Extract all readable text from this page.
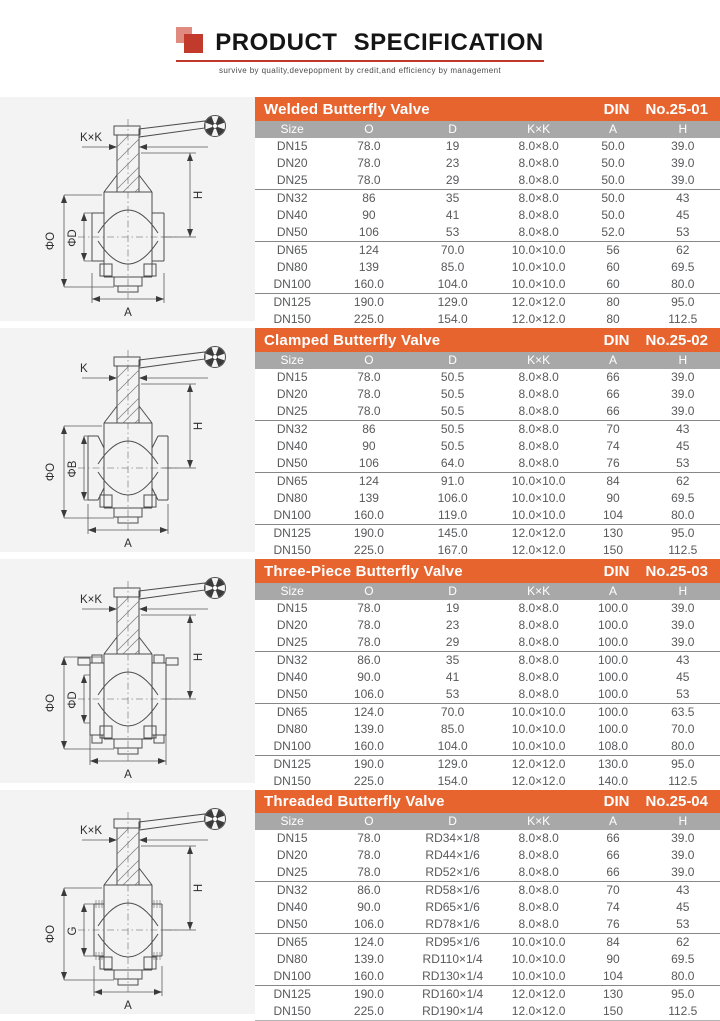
PRODUCT SPECIFICATION
survive by quality,devepopment by credit,and efficiency by management
K×K
H
ΦO ΦD
A
Welded Butterfly Valve	DIN No.25-01
Size	O	D	K×K	A	H
DN15	78.0	19	8.0×8.0	50.0	39.0
DN20	78.0	23	8.0×8.0	50.0	39.0
DN25	78.0	29	8.0×8.0	50.0	39.0
DN32	86	35	8.0×8.0	50.0	43
DN40	90	41	8.0×8.0	50.0	45
DN50	106	53	8.0×8.0	52.0	53
DN65	124	70.0	10.0×10.0	56	62
DN80	139	85.0	10.0×10.0	60	69.5
DN100	160.0	104.0	10.0×10.0	60	80.0
DN125	190.0	129.0	12.0×12.0	80	95.0
DN150	225.0	154.0	12.0×12.0	80	112.5
K
H
ΦO ΦB
A
Clamped Butterfly Valve	DIN No.25-02
Size	O	D	K×K	A	H
DN15	78.0	50.5	8.0×8.0	66	39.0
DN20	78.0	50.5	8.0×8.0	66	39.0
DN25	78.0	50.5	8.0×8.0	66	39.0
DN32	86	50.5	8.0×8.0	70	43
DN40	90	50.5	8.0×8.0	74	45
DN50	106	64.0	8.0×8.0	76	53
DN65	124	91.0	10.0×10.0	84	62
DN80	139	106.0	10.0×10.0	90	69.5
DN100	160.0	119.0	10.0×10.0	104	80.0
DN125	190.0	145.0	12.0×12.0	130	95.0
DN150	225.0	167.0	12.0×12.0	150	112.5
K×K
H
ΦO ΦD
A
Three-Piece Butterfly Valve	DIN No.25-03
Size	O	D	K×K	A	H
DN15	78.0	19	8.0×8.0	100.0	39.0
DN20	78.0	23	8.0×8.0	100.0	39.0
DN25	78.0	29	8.0×8.0	100.0	39.0
DN32	86.0	35	8.0×8.0	100.0	43
DN40	90.0	41	8.0×8.0	100.0	45
DN50	106.0	53	8.0×8.0	100.0	53
DN65	124.0	70.0	10.0×10.0	100.0	63.5
DN80	139.0	85.0	10.0×10.0	100.0	70.0
DN100	160.0	104.0	10.0×10.0	108.0	80.0
DN125	190.0	129.0	12.0×12.0	130.0	95.0
DN150	225.0	154.0	12.0×12.0	140.0	112.5
K×K
H
ΦO G
A
Threaded Butterfly Valve	DIN No.25-04
Size	O	D	K×K	A	H
DN15	78.0	RD34×1/8	8.0×8.0	66	39.0
DN20	78.0	RD44×1/6	8.0×8.0	66	39.0
DN25	78.0	RD52×1/6	8.0×8.0	66	39.0
DN32	86.0	RD58×1/6	8.0×8.0	70	43
DN40	90.0	RD65×1/6	8.0×8.0	74	45
DN50	106.0	RD78×1/6	8.0×8.0	76	53
DN65	124.0	RD95×1/6	10.0×10.0	84	62
DN80	139.0	RD110×1/4	10.0×10.0	90	69.5
DN100	160.0	RD130×1/4	10.0×10.0	104	80.0
DN125	190.0	RD160×1/4	12.0×12.0	130	95.0
DN150	225.0	RD190×1/4	12.0×12.0	150	112.5
